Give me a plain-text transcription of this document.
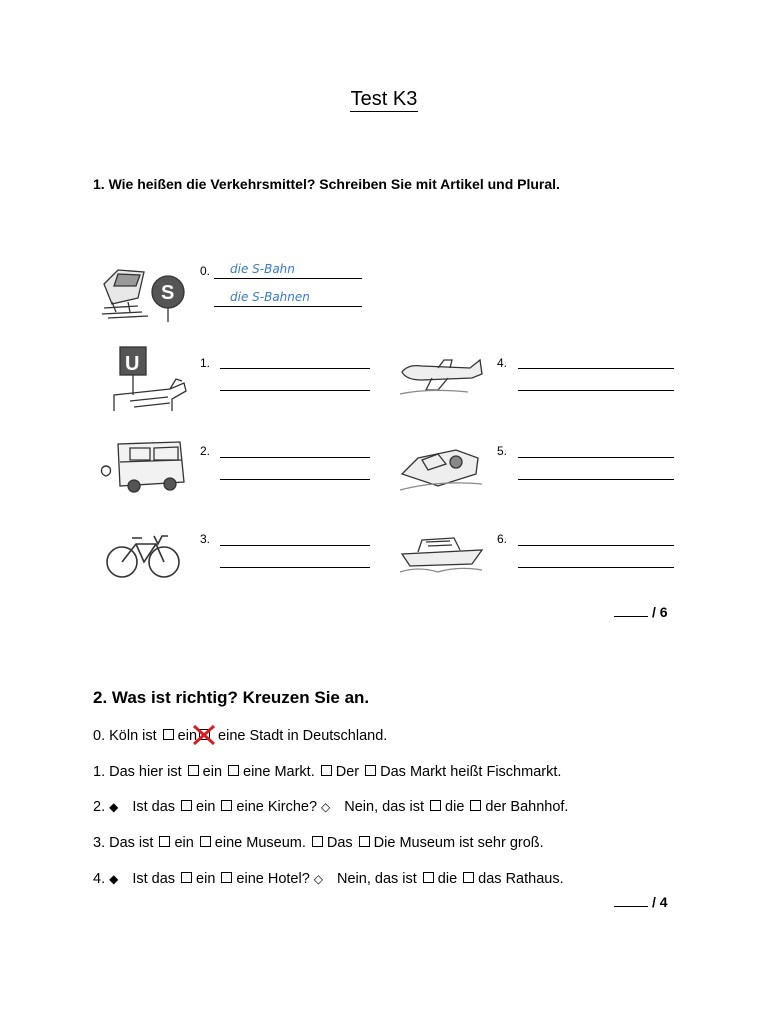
Test K3
1. Wie heißen die Verkehrsmittel? Schreiben Sie mit Artikel und Plural.
S
0. die S-Bahn
die S-Bahnen
U	1.
2.
3.
4.
5.
6.
/ 6
2. Was ist richtig? Kreuzen Sie an.
0. Köln ist ein eine Stadt in Deutschland.
1. Das hier ist ein eine Markt. Der Das Markt heißt Fischmarkt.
2. ◆ Ist das ein eine Kirche? ◇ Nein, das ist die der Bahnhof.
3. Das ist ein eine Museum. Das Die Museum ist sehr groß.
4. ◆ Ist das ein eine Hotel? ◇ Nein, das ist die das Rathaus.
/ 4
